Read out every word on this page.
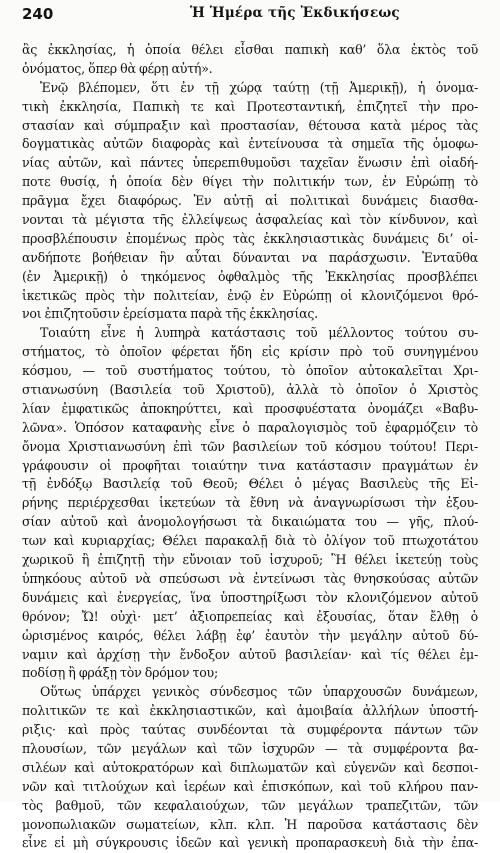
240	Ἡ Ἡμέρα τῆς Ἐκδικήσεως
ἂς ἐκκλησίας, ἡ ὁποία θέλει εἶσθαι παπικὴ καθ’ ὅλα ἐκτὸς τοῦ
ὀνόματος, ὅπερ θὰ φέρῃ αὐτή».
Ἐνῷ βλέπομεν, ὅτι ἐν τῇ χώρᾳ ταύτῃ (τῇ Ἀμερικῇ), ἡ ὀνομα-
τικὴ ἐκκλησία, Παπικὴ τε καὶ Προτεσταντική, ἐπιζητεῖ τὴν προ-
στασίαν καὶ σύμπραξιν καὶ προστασίαν, θέτουσα κατὰ μέρος τὰς
δογματικὰς αὐτῶν διαφορὰς καὶ ἐντείνουσα τὰ σημεῖα τῆς ὁμοφω-
νίας αὐτῶν, καὶ πάντες ὑπερεπιθυμοῦσι ταχεῖαν ἕνωσιν ἐπὶ οἱαδή-
ποτε θυσίᾳ, ἡ ὁποία δὲν θίγει τὴν πολιτικήν των, ἐν Εὐρώπῃ τὸ
πρᾶγμα ἔχει διαφόρως. Ἐν αὐτῇ αἱ πολιτικαὶ δυνάμεις διασθα-
νονται τὰ μέγιστα τῆς ἐλλείψεως ἀσφαλείας καὶ τὸν κίνδυνον, καὶ
προσβλέπουσιν ἐπομένως πρὸς τὰς ἐκκλησιαστικὰς δυνάμεις δι’ οἱ-
ανδήποτε βοήθειαν ἣν αὗται δύνανται να παράσχωσιν. Ἐνταῦθα
(ἐν Ἀμερικῇ) ὁ τηκόμενος ὀφθαλμὸς τῆς Ἐκκλησίας προσβλέπει
ἱκετικῶς πρὸς τὴν πολιτείαν, ἐνῷ ἐν Εὐρώπῃ οἱ κλονιζόμενοι θρό-
νοι ἐπιζητοῦσιν ἐρείσματα παρὰ τῆς ἐκκλησίας.
Τοιαύτη εἶνε ἡ λυπηρὰ κατάστασις τοῦ μέλλοντος τούτου συ-
στήματος, τὸ ὁποῖον φέρεται ἤδη εἰς κρίσιν πρὸ τοῦ συνηγμένου
κόσμου, — τοῦ συστήματος τούτου, τὸ ὁποῖον αὐτοκαλεῖται Χρι-
στιανωσύνη (Βασιλεία τοῦ Χριστοῦ), ἀλλὰ τὸ ὁποῖον ὁ Χριστὸς
λίαν ἐμφατικῶς ἀποκηρύττει, καὶ προσφυέστατα ὀνομάζει «Βαβυ-
λῶνα». Ὁπόσον καταφανὴς εἶνε ὁ παραλογισμὸς τοῦ ἐφαρμόζειν τὸ
ὄνομα Χριστιανωσύνη ἐπὶ τῶν βασιλείων τοῦ κόσμου τούτου! Περι-
γράφουσιν οἱ προφῆται τοιαύτην τινα κατάστασιν πραγμάτων ἐν
τῇ ἐνδόξῳ Βασιλείᾳ τοῦ Θεοῦ; Θέλει ὁ μέγας Βασιλεὺς τῆς Εἰ-
ρήνης περιέρχεσθαι ἱκετεύων τὰ ἔθνη νὰ ἀναγνωρίσωσι τὴν ἐξου-
σίαν αὐτοῦ καὶ ἀνομολογήσωσι τὰ δικαιώματα του — γῆς, πλού-
των καὶ κυριαρχίας; Θέλει παρακαλῇ διὰ τὸ ὀλίγον τοῦ πτωχοτάτου
χωρικοῦ ἢ ἐπιζητῇ τὴν εὔνοιαν τοῦ ἰσχυροῦ; Ἢ θέλει ἱκετεύῃ τοὺς
ὑπηκόους αὐτοῦ νὰ σπεύσωσι νὰ ἐντείνωσι τὰς θνησκούσας αὐτῶν
δυνάμεις καὶ ἐνεργείας, ἵνα ὑποστηρίξωσι τὸν κλονιζόμενον αὐτοῦ
θρόνον; Ὤ! οὐχὶ· μετ’ ἀξιοπρεπείας καὶ ἐξουσίας, ὅταν ἔλθῃ ὁ
ὡρισμένος καιρός, θέλει λάβῃ ἐφ’ ἑαυτὸν τὴν μεγάλην αὐτοῦ δύ-
ναμιν καὶ ἀρχίσῃ τὴν ἔνδοξον αὐτοῦ βασιλείαν· καὶ τίς θέλει ἐμ-
ποδίσῃ ἢ φράξῃ τὸν δρόμον του;
Οὕτως ὑπάρχει γενικὸς σύνδεσμος τῶν ὑπαρχουσῶν δυνάμεων,
πολιτικῶν τε καὶ ἐκκλησιαστικῶν, καὶ ἀμοιβαία ἀλλήλων ὑποστή-
ριξις· καὶ πρὸς ταύτας συνδέονται τὰ συμφέροντα πάντων τῶν
πλουσίων, τῶν μεγάλων καὶ τῶν ἰσχυρῶν — τὰ συμφέροντα βα-
σιλέων καὶ αὐτοκρατόρων καὶ διπλωματῶν καὶ εὐγενῶν καὶ δεσποι-
νῶν καὶ τιτλούχων καὶ ἱερέων καὶ ἐπισκόπων, καὶ τοῦ κλήρου παν-
τὸς βαθμοῦ, τῶν κεφαλαιούχων, τῶν μεγάλων τραπεζιτῶν, τῶν
μονοπωλιακῶν σωματείων, κλπ. κλπ. Ἡ παροῦσα κατάστασις δὲν
εἶνε εἰ μὴ σύγκρουσις ἰδεῶν καὶ γενικὴ προπαρασκευὴ διὰ τὴν ἐπα-
